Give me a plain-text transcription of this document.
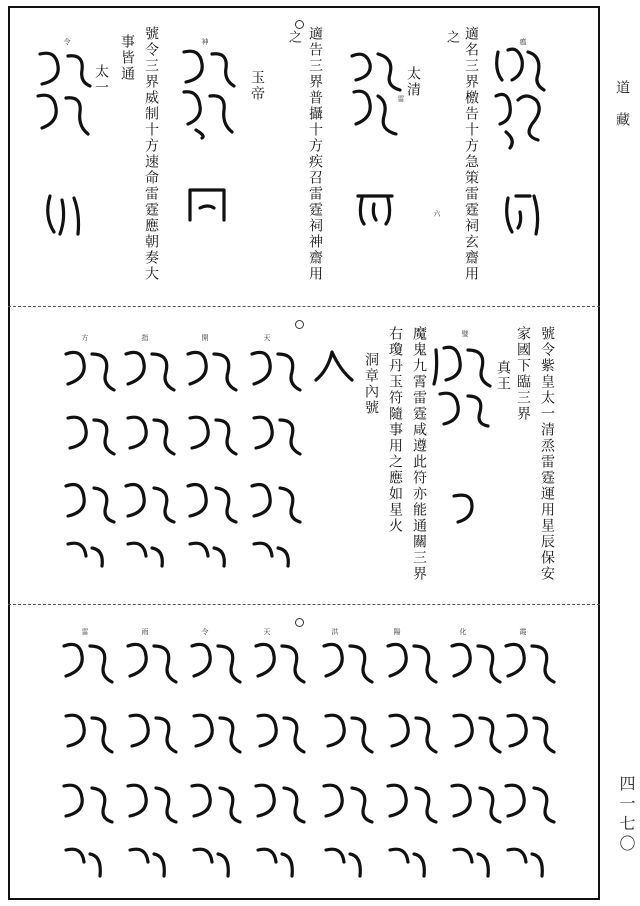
道藏
四一七〇
適名三界檄告十方急策雷霆祠玄齋用
之
太清
適告三界普攝十方疾召雷霆祠神齋用
之
玉帝
號令三界威制十方速命雷霆應朝奏大
事皆通
太一
瘟
雷
六
神
令
號令紫皇太一清烝雷霆運用星辰保安
家國下臨三界
真王
魔鬼九霄雷霆咸遵此符亦能通關三界
右瓊丹玉符隨事用之應如星火
洞章內號
璧
天
開
指
方
霞
化
陽
洪
天
令
雨
雷
